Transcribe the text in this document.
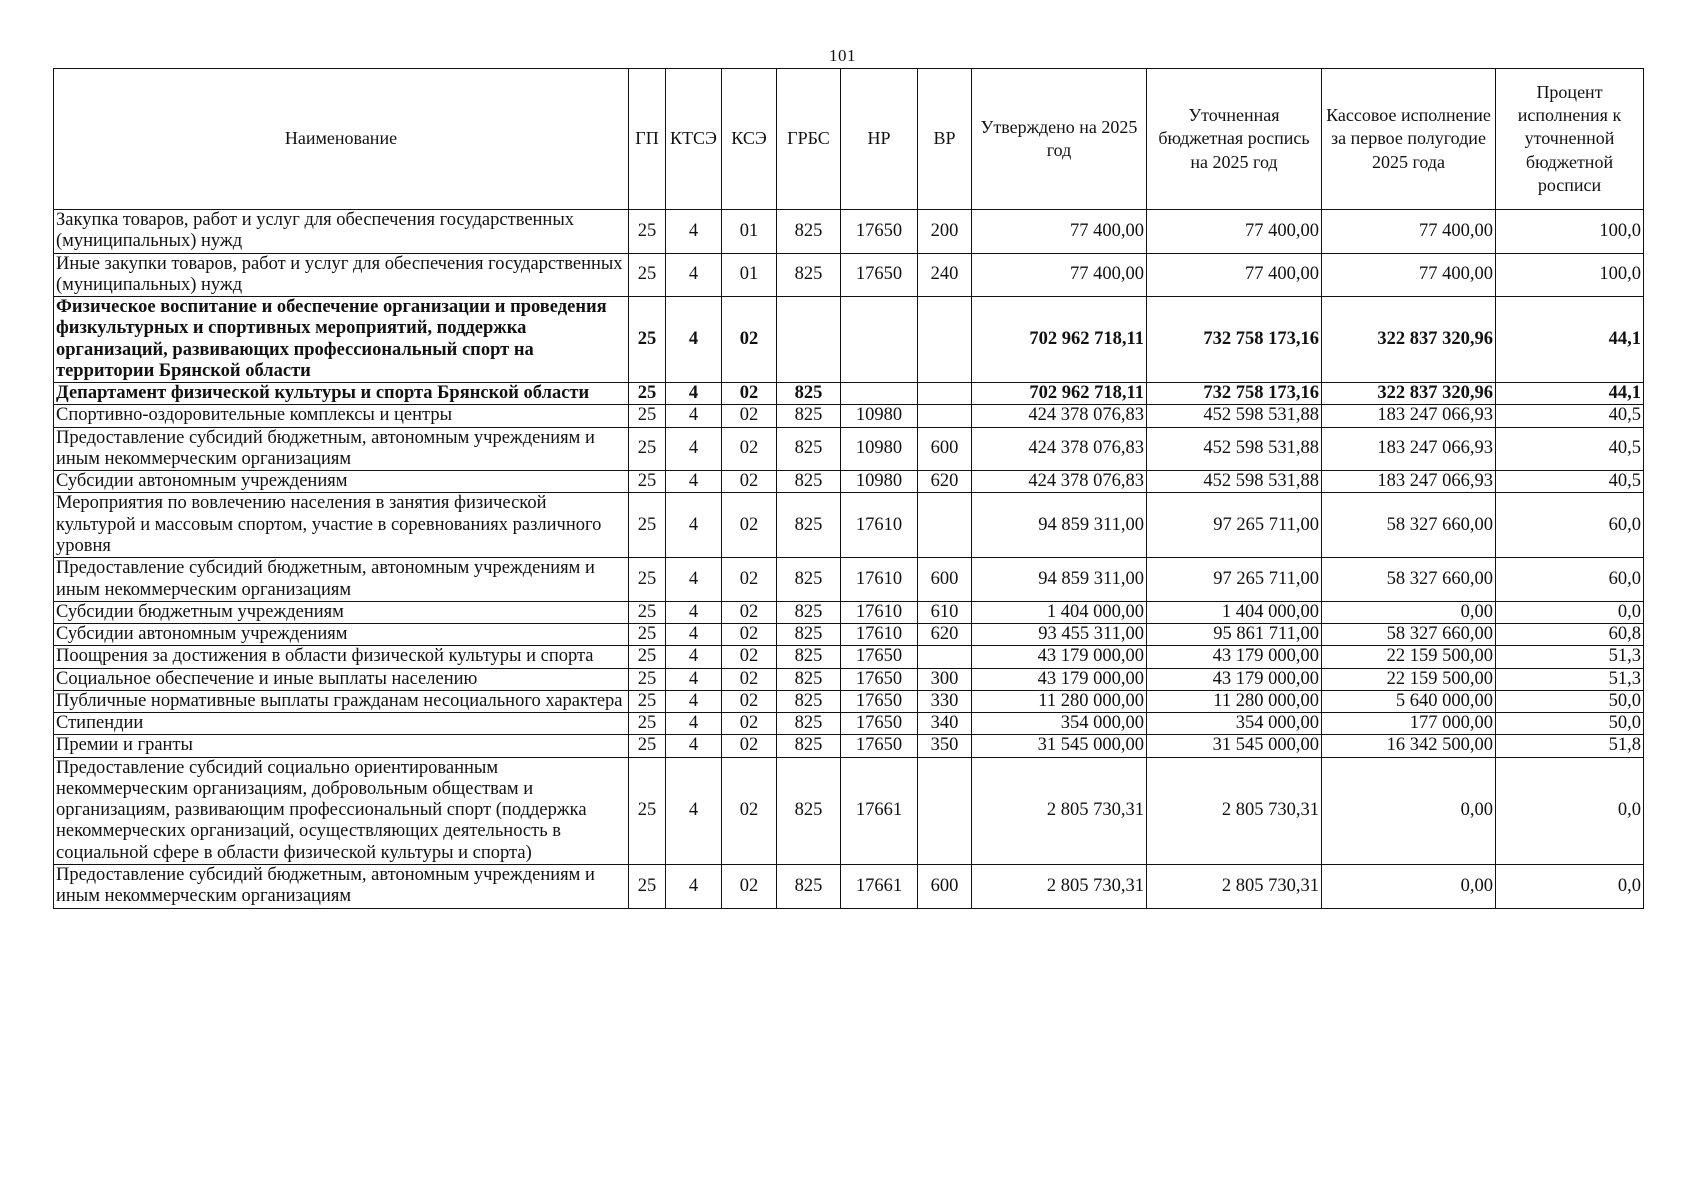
101
Наименование	ГП	КТСЭ	КСЭ	ГРБС	НР	ВР	Утверждено на 2025 год	Уточненная бюджетная роспись на 2025 год	Кассовое исполнение за первое полугодие 2025 года	Процент исполнения к уточненной бюджетной росписи
Закупка товаров, работ и услуг для обеспечения государственных (муниципальных) нужд	25	4	01	825	17650	200	77 400,00	77 400,00	77 400,00	100,0
Иные закупки товаров, работ и услуг для обеспечения государственных (муниципальных) нужд	25	4	01	825	17650	240	77 400,00	77 400,00	77 400,00	100,0
Физическое воспитание и обеспечение организации и проведения физкультурных и спортивных мероприятий, поддержка организаций, развивающих профессиональный спорт на территории Брянской области	25	4	02				702 962 718,11	732 758 173,16	322 837 320,96	44,1
Департамент физической культуры и спорта Брянской области	25	4	02	825			702 962 718,11	732 758 173,16	322 837 320,96	44,1
Спортивно-оздоровительные комплексы и центры	25	4	02	825	10980		424 378 076,83	452 598 531,88	183 247 066,93	40,5
Предоставление субсидий бюджетным, автономным учреждениям и иным некоммерческим организациям	25	4	02	825	10980	600	424 378 076,83	452 598 531,88	183 247 066,93	40,5
Субсидии автономным учреждениям	25	4	02	825	10980	620	424 378 076,83	452 598 531,88	183 247 066,93	40,5
Мероприятия по вовлечению населения в занятия физической культурой и массовым спортом, участие в соревнованиях различного уровня	25	4	02	825	17610		94 859 311,00	97 265 711,00	58 327 660,00	60,0
Предоставление субсидий бюджетным, автономным учреждениям и иным некоммерческим организациям	25	4	02	825	17610	600	94 859 311,00	97 265 711,00	58 327 660,00	60,0
Субсидии бюджетным учреждениям	25	4	02	825	17610	610	1 404 000,00	1 404 000,00	0,00	0,0
Субсидии автономным учреждениям	25	4	02	825	17610	620	93 455 311,00	95 861 711,00	58 327 660,00	60,8
Поощрения за достижения в области физической культуры и спорта	25	4	02	825	17650		43 179 000,00	43 179 000,00	22 159 500,00	51,3
Социальное обеспечение и иные выплаты населению	25	4	02	825	17650	300	43 179 000,00	43 179 000,00	22 159 500,00	51,3
Публичные нормативные выплаты гражданам несоциального характера	25	4	02	825	17650	330	11 280 000,00	11 280 000,00	5 640 000,00	50,0
Стипендии	25	4	02	825	17650	340	354 000,00	354 000,00	177 000,00	50,0
Премии и гранты	25	4	02	825	17650	350	31 545 000,00	31 545 000,00	16 342 500,00	51,8
Предоставление субсидий социально ориентированным некоммерческим организациям, добровольным обществам и организациям, развивающим профессиональный спорт (поддержка некоммерческих организаций, осуществляющих деятельность в социальной сфере в области физической культуры и спорта)	25	4	02	825	17661		2 805 730,31	2 805 730,31	0,00	0,0
Предоставление субсидий бюджетным, автономным учреждениям и иным некоммерческим организациям	25	4	02	825	17661	600	2 805 730,31	2 805 730,31	0,00	0,0
